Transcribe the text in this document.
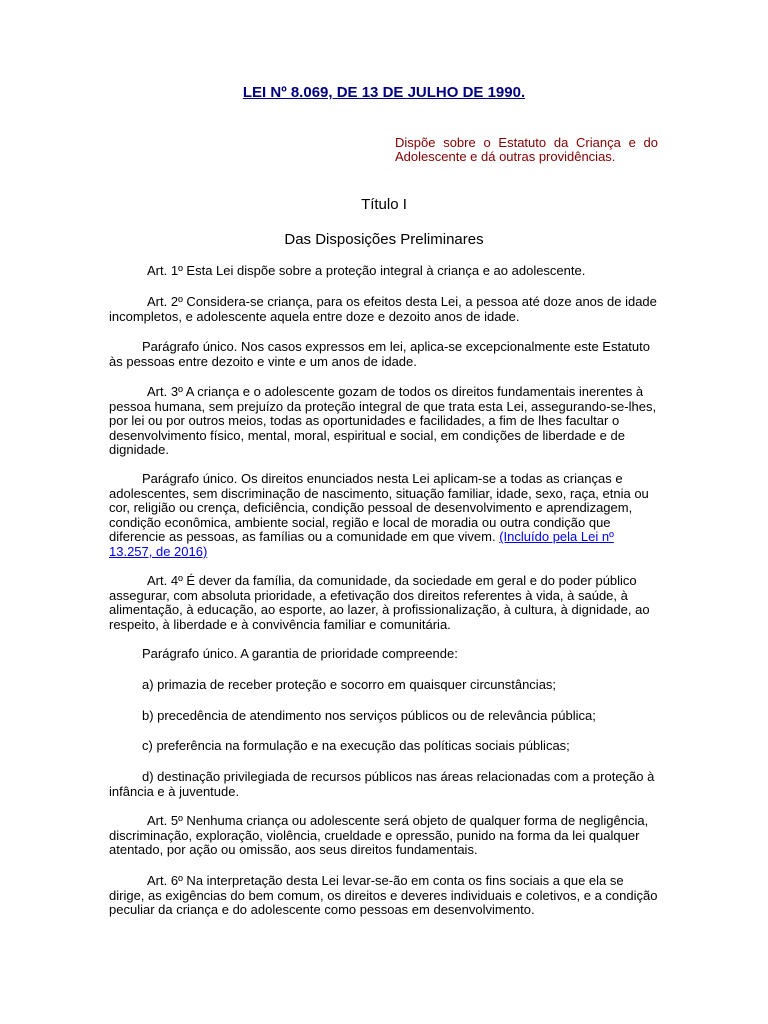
LEI Nº 8.069, DE 13 DE JULHO DE 1990.
Dispõe sobre o Estatuto da Criança e do Adolescente e dá outras providências.
Título I
Das Disposições Preliminares

Art. 1º Esta Lei dispõe sobre a proteção integral à criança e ao adolescente.

Art. 2º Considera-se criança, para os efeitos desta Lei, a pessoa até doze anos de idade incompletos, e adolescente aquela entre doze e dezoito anos de idade.

Parágrafo único. Nos casos expressos em lei, aplica-se excepcionalmente este Estatuto às pessoas entre dezoito e vinte e um anos de idade.

Art. 3º A criança e o adolescente gozam de todos os direitos fundamentais inerentes à pessoa humana, sem prejuízo da proteção integral de que trata esta Lei, assegurando-se-lhes, por lei ou por outros meios, todas as oportunidades e facilidades, a fim de lhes facultar o desenvolvimento físico, mental, moral, espiritual e social, em condições de liberdade e de dignidade.

Parágrafo único. Os direitos enunciados nesta Lei aplicam-se a todas as crianças e adolescentes, sem discriminação de nascimento, situação familiar, idade, sexo, raça, etnia ou cor, religião ou crença, deficiência, condição pessoal de desenvolvimento e aprendizagem, condição econômica, ambiente social, região e local de moradia ou outra condição que diferencie as pessoas, as famílias ou a comunidade em que vivem. (Incluído pela Lei nº 13.257, de 2016)

Art. 4º É dever da família, da comunidade, da sociedade em geral e do poder público assegurar, com absoluta prioridade, a efetivação dos direitos referentes à vida, à saúde, à alimentação, à educação, ao esporte, ao lazer, à profissionalização, à cultura, à dignidade, ao respeito, à liberdade e à convivência familiar e comunitária.

Parágrafo único. A garantia de prioridade compreende:

a) primazia de receber proteção e socorro em quaisquer circunstâncias;

b) precedência de atendimento nos serviços públicos ou de relevância pública;

c) preferência na formulação e na execução das políticas sociais públicas;

d) destinação privilegiada de recursos públicos nas áreas relacionadas com a proteção à infância e à juventude.

Art. 5º Nenhuma criança ou adolescente será objeto de qualquer forma de negligência, discriminação, exploração, violência, crueldade e opressão, punido na forma da lei qualquer atentado, por ação ou omissão, aos seus direitos fundamentais.

Art. 6º Na interpretação desta Lei levar-se-ão em conta os fins sociais a que ela se dirige, as exigências do bem comum, os direitos e deveres individuais e coletivos, e a condição peculiar da criança e do adolescente como pessoas em desenvolvimento.
